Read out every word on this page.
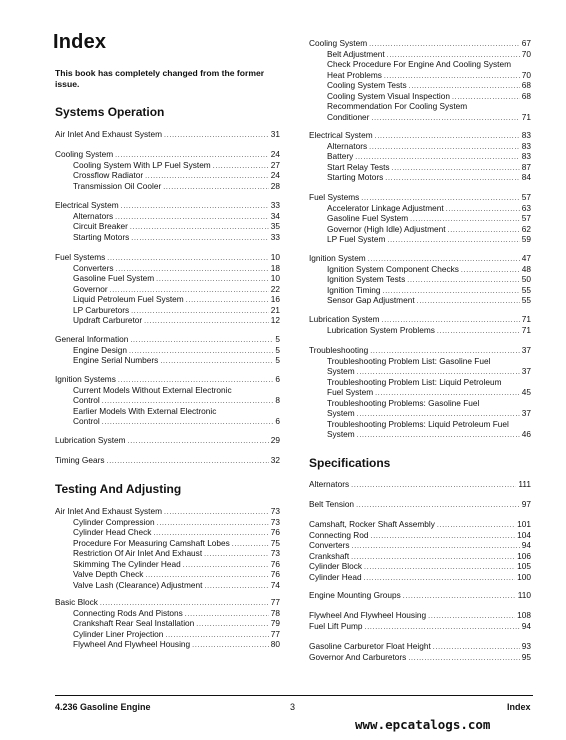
Index
This book has completely changed from the former issue.
Systems Operation
Air Inlet And Exhaust System . . .	31
Cooling System . . .	24
Cooling System With LP Fuel System . . .	27
Crossflow Radiator . . .	24
Transmission Oil Cooler . . .	28
Electrical System . . .	33
Alternators . . .	34
Circuit Breaker . . .	35
Starting Motors . . .	33
Fuel Systems . . .	10
Converters . . .	18
Gasoline Fuel System . . .	10
Governor . . .	22
Liquid Petroleum Fuel System . . .	16
LP Carburetors . . .	21
Updraft Carburetor . . .	12
General Information . . .	5
Engine Design . . .	5
Engine Serial Numbers . . .	5
Ignition Systems . . .	6
Current Models Without External Electronic
Control . . .	8
Earlier Models With External Electronic
Control . . .	6
Lubrication System . . .	29
Timing Gears . . .	32
Testing And Adjusting
Air Inlet And Exhaust System . . .	73
Cylinder Compression . . .	73
Cylinder Head Check . . .	76
Procedure For Measuring Camshaft Lobes . . .	75
Restriction Of Air Inlet And Exhaust . . .	73
Skimming The Cylinder Head . . .	76
Valve Depth Check . . .	76
Valve Lash (Clearance) Adjustment . . .	74
Basic Block . . .	77
Connecting Rods And Pistons . . .	78
Crankshaft Rear Seal Installation . . .	79
Cylinder Liner Projection . . .	77
Flywheel And Flywheel Housing . . .	80
Cooling System . . .	67
Belt Adjustment . . .	70
Check Procedure For Engine And Cooling System
Heat Problems . . .	70
Cooling System Tests . . .	68
Cooling System Visual Inspection . . .	68
Recommendation For Cooling System
Conditioner . . .	71
Electrical System . . .	83
Alternators . . .	83
Battery . . .	83
Start Relay Tests . . .	87
Starting Motors . . .	84
Fuel Systems . . .	57
Accelerator Linkage Adjustment . . .	63
Gasoline Fuel System . . .	57
Governor (High Idle) Adjustment . . .	62
LP Fuel System . . .	59
Ignition System . . .	47
Ignition System Component Checks . . .	48
Ignition System Tests . . .	50
Ignition Timing . . .	55
Sensor Gap Adjustment . . .	55
Lubrication System . . .	71
Lubrication System Problems . . .	71
Troubleshooting . . .	37
Troubleshooting Problem List: Gasoline Fuel
System . . .	37
Troubleshooting Problem List: Liquid Petroleum
Fuel System . . .	45
Troubleshooting Problems: Gasoline Fuel
System . . .	37
Troubleshooting Problems: Liquid Petroleum Fuel
System . . .	46
Specifications
Alternators . . .	111
Belt Tension . . .	97
Camshaft, Rocker Shaft Assembly . . .	101
Connecting Rod . . .	104
Converters . . .	94
Crankshaft . . .	106
Cylinder Block . . .	105
Cylinder Head . . .	100
Engine Mounting Groups . . .	110
Flywheel And Flywheel Housing . . .	108
Fuel Lift Pump . . .	94
Gasoline Carburetor Float Height . . .	93
Governor And Carburetors . . .	95
4.236 Gasoline Engine	3	Index
www.epcatalogs.com
